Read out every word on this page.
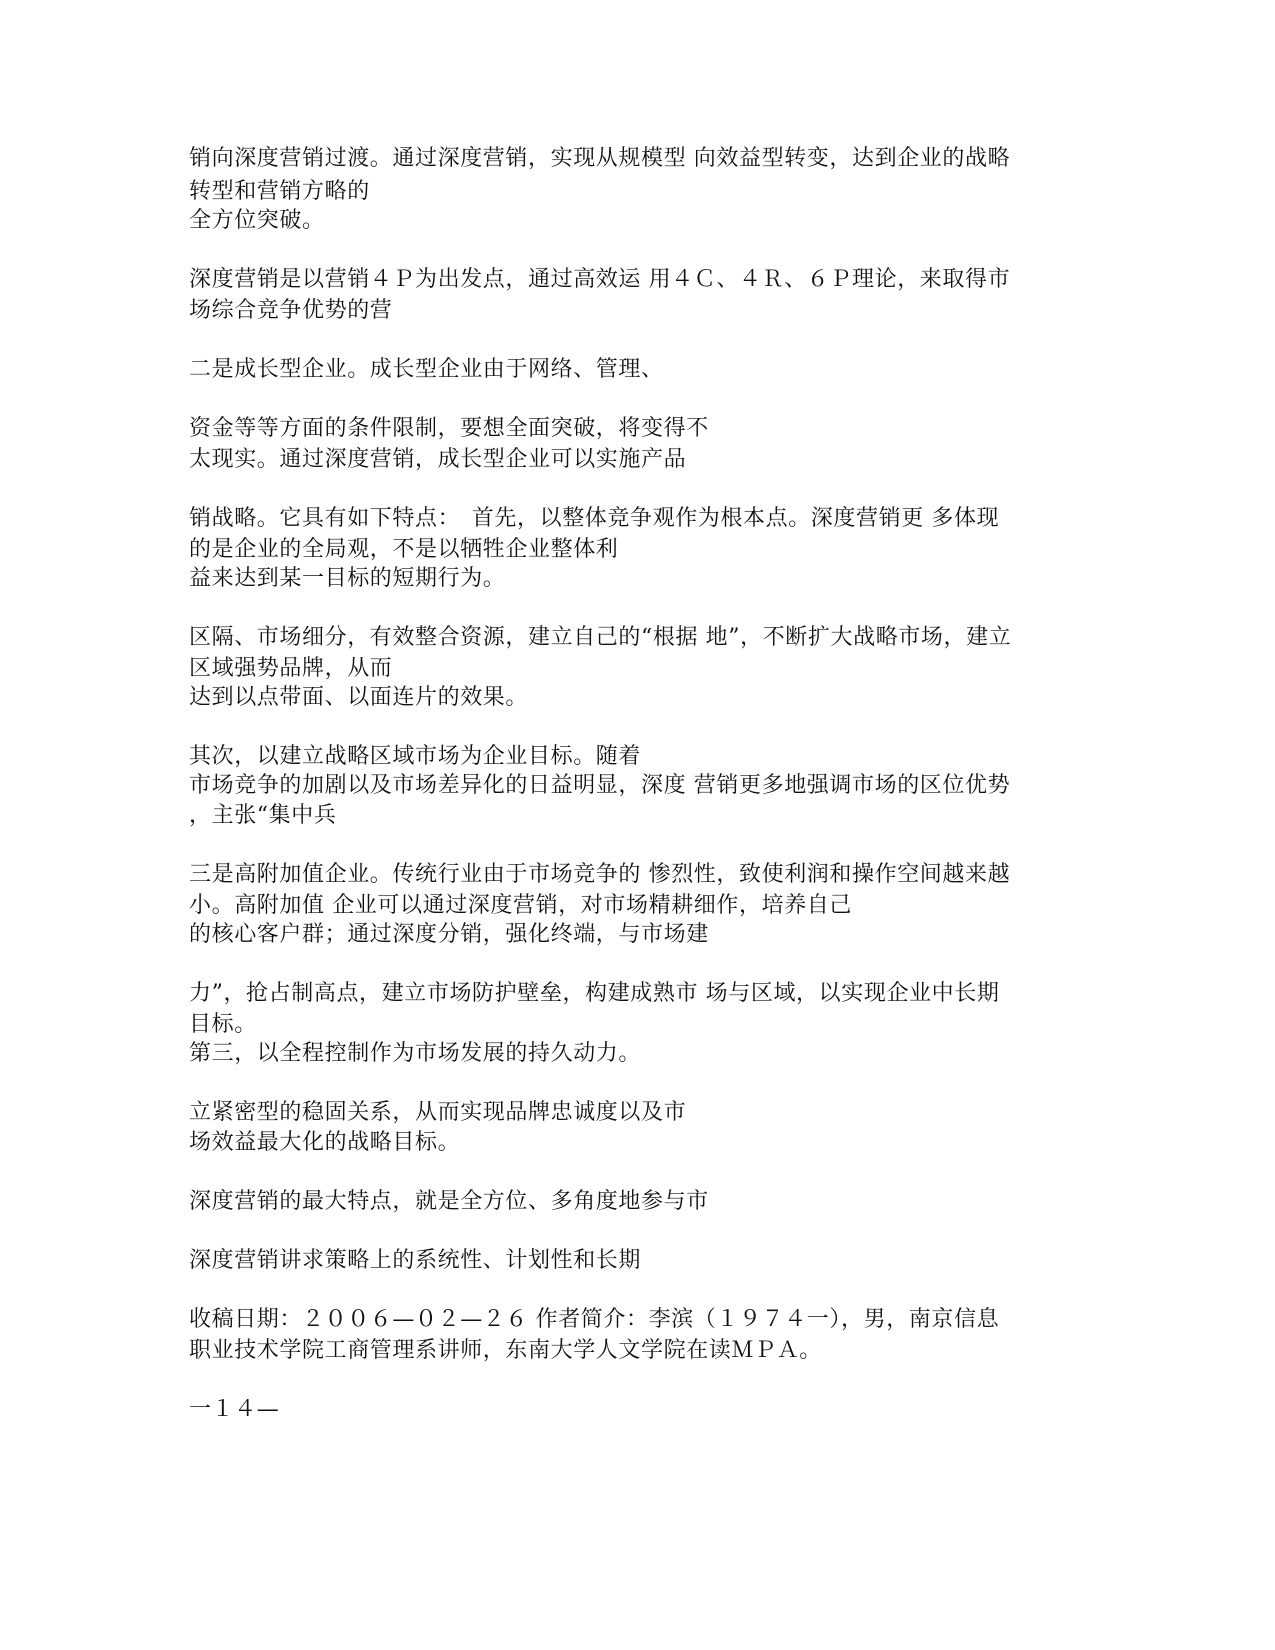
销向深度营销过渡。通过深度营销，实现从规模型 向效益型转变，达到企业的战略
转型和营销方略的
全方位突破。
深度营销是以营销４Ｐ为出发点，通过高效运 用４Ｃ、４Ｒ、６Ｐ理论，来取得市
场综合竞争优势的营
二是成长型企业。成长型企业由于网络、管理、
资金等等方面的条件限制，要想全面突破，将变得不
太现实。通过深度营销，成长型企业可以实施产品
销战略。它具有如下特点：　首先，以整体竞争观作为根本点。深度营销更 多体现
的是企业的全局观，不是以牺牲企业整体利
益来达到某一目标的短期行为。
区隔、市场细分，有效整合资源，建立自己的“根据 地”，不断扩大战略市场，建立
区域强势品牌，从而
达到以点带面、以面连片的效果。
其次，以建立战略区域市场为企业目标。随着
市场竞争的加剧以及市场差异化的日益明显，深度 营销更多地强调市场的区位优势
，主张“集中兵
三是高附加值企业。传统行业由于市场竞争的 惨烈性，致使利润和操作空间越来越
小。高附加值 企业可以通过深度营销，对市场精耕细作，培养自己
的核心客户群；通过深度分销，强化终端，与市场建
力”，抢占制高点，建立市场防护壁垒，构建成熟市 场与区域，以实现企业中长期
目标。
第三，以全程控制作为市场发展的持久动力。
立紧密型的稳固关系，从而实现品牌忠诚度以及市
场效益最大化的战略目标。
深度营销的最大特点，就是全方位、多角度地参与市
深度营销讲求策略上的系统性、计划性和长期
收稿日期：２００６—０２—２６ 作者简介：李滨（１９７４一），男，南京信息
职业技术学院工商管理系讲师，东南大学人文学院在读ＭＰＡ。
一１４—
